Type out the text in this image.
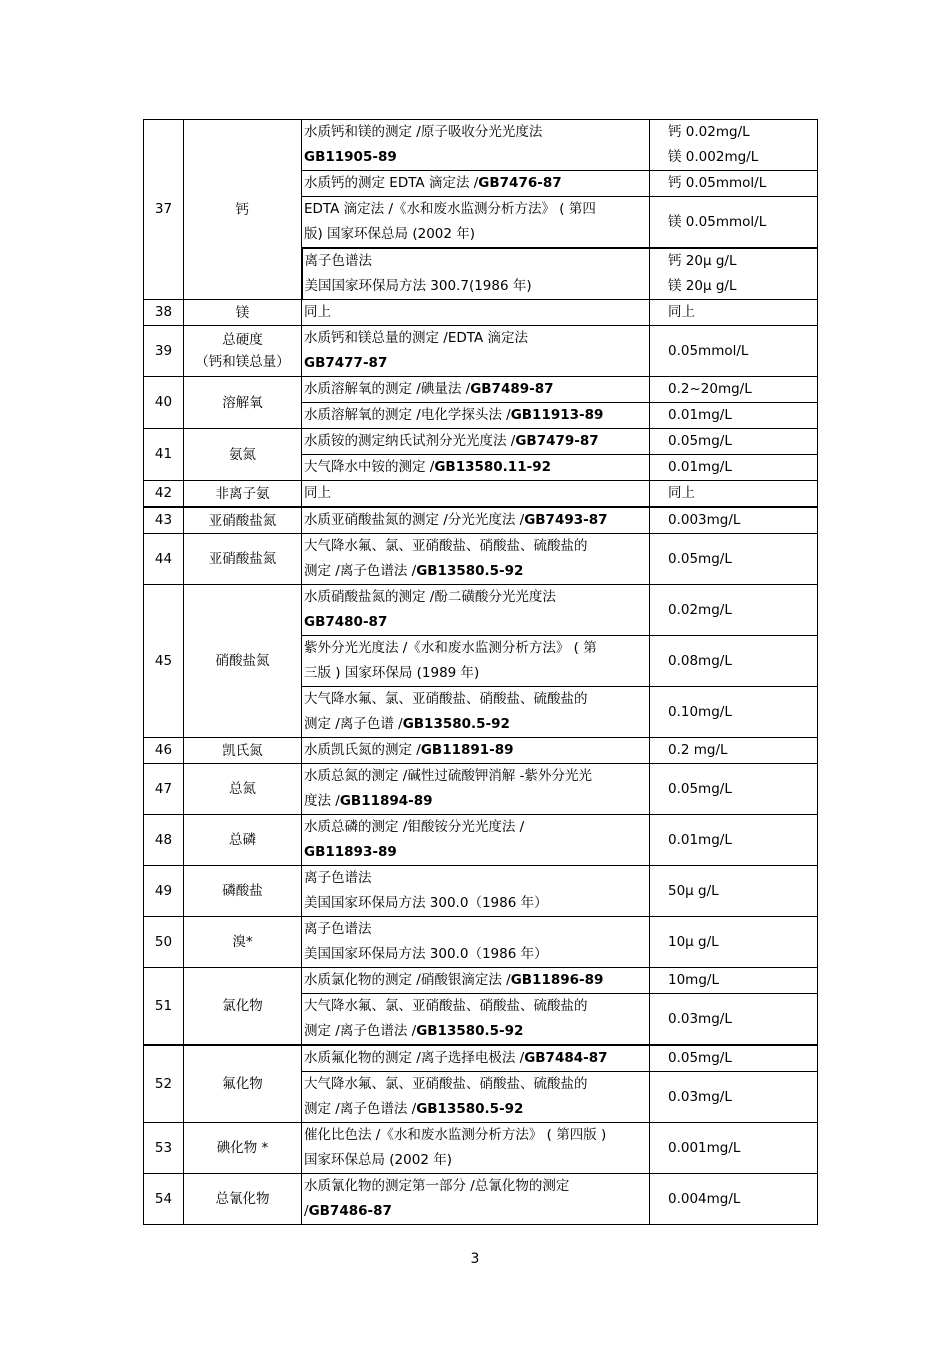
37	钙	水质钙和镁的测定 /原子吸收分光光度法
GB11905-89	钙 0.02mg/L
镁 0.002mg/L

		水质钙的测定 EDTA 滴定法 /GB7476-87	钙 0.05mmol/L

		EDTA 滴定法 /《水和废水监测分析方法》 ( 第四
版) 国家环保总局 (2002 年)	镁 0.05mmol/L

		离子色谱法
美国国家环保局方法 300.7(1986 年)	钙 20μ g/L
镁 20μ g/L

38	镁	同上	同上
39	总硬度
（钙和镁总量）	水质钙和镁总量的测定 /EDTA 滴定法
GB7477-87	0.05mmol/L
40	溶解氧	水质溶解氧的测定 /碘量法 /GB7489-87	0.2~20mg/L
		水质溶解氧的测定 /电化学探头法 /GB11913-89	0.01mg/L
41	氨氮	水质铵的测定纳氏试剂分光光度法 /GB7479-87	0.05mg/L
		大气降水中铵的测定 /GB13580.11-92	0.01mg/L
42	非离子氨	同上	同上
43	亚硝酸盐氮	水质亚硝酸盐氮的测定 /分光光度法 /GB7493-87	0.003mg/L
44	亚硝酸盐氮	大气降水氟、氯、亚硝酸盐、硝酸盐、硫酸盐的
测定 /离子色谱法 /GB13580.5-92	0.05mg/L
45	硝酸盐氮	水质硝酸盐氮的测定 /酚二磺酸分光光度法
GB7480-87	0.02mg/L

		紫外分光光度法 /《水和废水监测分析方法》 ( 第
三版 ) 国家环保局 (1989 年)	0.08mg/L

		大气降水氟、氯、亚硝酸盐、硝酸盐、硫酸盐的
测定 /离子色谱 /GB13580.5-92	0.10mg/L
46	凯氏氮	水质凯氏氮的测定 /GB11891-89	0.2 mg/L
47	总氮	水质总氮的测定 /碱性过硫酸钾消解 -紫外分光光
度法 /GB11894-89	0.05mg/L
48	总磷	水质总磷的测定 /钼酸铵分光光度法 /
GB11893-89	0.01mg/L
49	磷酸盐	离子色谱法
美国国家环保局方法 300.0（1986 年）	50μ g/L
50	溴*	离子色谱法
美国国家环保局方法 300.0（1986 年）	10μ g/L
51	氯化物	水质氯化物的测定 /硝酸银滴定法 /GB11896-89	10mg/L

		大气降水氟、氯、亚硝酸盐、硝酸盐、硫酸盐的
测定 /离子色谱法 /GB13580.5-92	0.03mg/L
52	氟化物	水质氟化物的测定 /离子选择电极法 /GB7484-87	0.05mg/L

		大气降水氟、氯、亚硝酸盐、硝酸盐、硫酸盐的
测定 /离子色谱法 /GB13580.5-92	0.03mg/L
53	碘化物 *	催化比色法 /《水和废水监测分析方法》 ( 第四版 )
国家环保总局 (2002 年)	0.001mg/L
54	总氰化物	水质氰化物的测定第一部分 /总氰化物的测定
/GB7486-87	0.004mg/L
3
